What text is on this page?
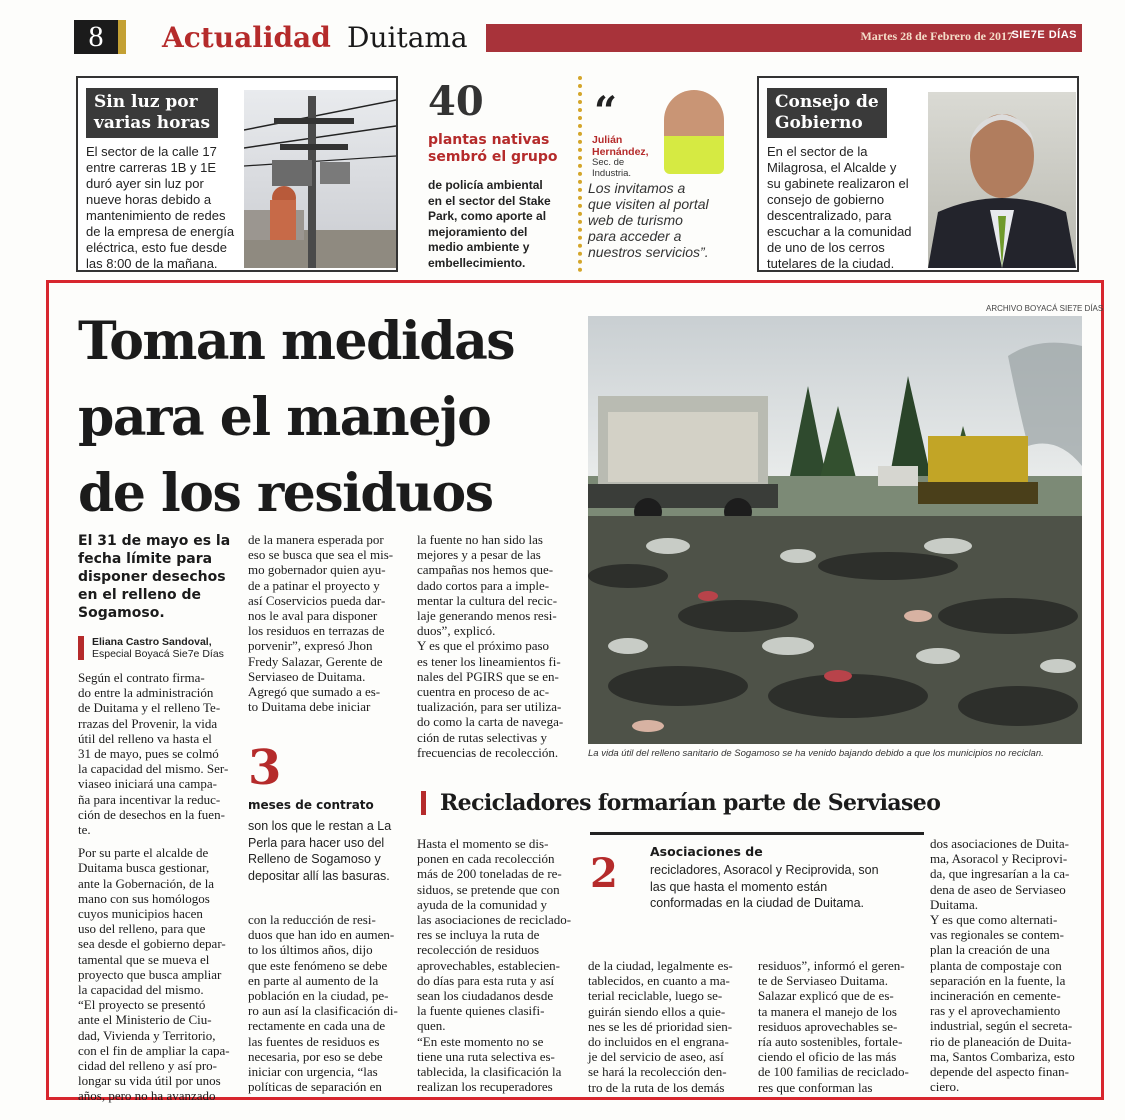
8	Actualidad Duitama	Martes 28 de Febrero de 2017
SIE7E DÍAS
Sin luz por
varias horas
El sector de la calle 17
entre carreras 1B y 1E
duró ayer sin luz por
nueve horas debido a
mantenimiento de redes
de la empresa de energía
eléctrica, esto fue desde
las 8:00 de la mañana.
40
plantas nativas
sembró el grupo
de policía ambiental
en el sector del Stake
Park, como aporte al
mejoramiento del
medio ambiente y
embellecimiento.
“
Julián
Hernández,
Sec. de
Industria.
Los invitamos a
que visiten al portal
web de turismo
para acceder a
nuestros servicios”.
Consejo de
Gobierno
En el sector de la
Milagrosa, el Alcalde y
su gabinete realizaron el
consejo de gobierno
descentralizado, para
escuchar a la comunidad
de uno de los cerros
tutelares de la ciudad.
Toman medidas
para el manejo
de los residuos
El 31 de mayo es la fecha límite para disponer desechos en el relleno de Sogamoso.
Eliana Castro Sandoval,
Especial Boyacá Sie7e Días
Según el contrato firma-
do entre la administración
de Duitama y el relleno Te-
rrazas del Provenir, la vida
útil del relleno va hasta el
31 de mayo, pues se colmó
la capacidad del mismo. Ser-
viaseo iniciará una campa-
ña para incentivar la reduc-
ción de desechos en la fuen-
te.
Por su parte el alcalde de
Duitama busca gestionar,
ante la Gobernación, de la
mano con sus homólogos
cuyos municipios hacen
uso del relleno, para que
sea desde el gobierno depar-
tamental que se mueva el
proyecto que busca ampliar
la capacidad del mismo.
“El proyecto se presentó
ante el Ministerio de Ciu-
dad, Vivienda y Territorio,
con el fin de ampliar la capa-
cidad del relleno y así pro-
longar su vida útil por unos
años, pero no ha avanzado
de la manera esperada por
eso se busca que sea el mis-
mo gobernador quien ayu-
de a patinar el proyecto y
así Coservicios pueda dar-
nos le aval para disponer
los residuos en terrazas de
porvenir”, expresó Jhon
Fredy Salazar, Gerente de
Serviaseo de Duitama.
Agregó que sumado a es-
to Duitama debe iniciar
3
meses de contrato
son los que le restan a La
Perla para hacer uso del
Relleno de Sogamoso y
depositar allí las basuras.
con la reducción de resi-
duos que han ido en aumen-
to los últimos años, dijo
que este fenómeno se debe
en parte al aumento de la
población en la ciudad, pe-
ro aun así la clasificación di-
rectamente en cada una de
las fuentes de residuos es
necesaria, por eso se debe
iniciar con urgencia, “las
políticas de separación en
la fuente no han sido las
mejores y a pesar de las
campañas nos hemos que-
dado cortos para a imple-
mentar la cultura del recic-
laje generando menos resi-
duos”, explicó.
Y es que el próximo paso
es tener los lineamientos fi-
nales del PGIRS que se en-
cuentra en proceso de ac-
tualización, para ser utiliza-
do como la carta de navega-
ción de rutas selectivas y
frecuencias de recolección.
ARCHIVO BOYACÁ SIE7E DÍAS
La vida útil del relleno sanitario de Sogamoso se ha venido bajando debido a que los municipios no reciclan.
Recicladores formarían parte de Serviaseo
2	Asociaciones de
recicladores, Asoracol y Reciprovida, son
las que hasta el momento están
conformadas en la ciudad de Duitama.
Hasta el momento se dis-
ponen en cada recolección
más de 200 toneladas de re-
siduos, se pretende que con
ayuda de la comunidad y
las asociaciones de reciclado-
res se incluya la ruta de
recolección de residuos
aprovechables, establecien-
do días para esta ruta y así
sean los ciudadanos desde
la fuente quienes clasifi-
quen.
“En este momento no se
tiene una ruta selectiva es-
tablecida, la clasificación la
realizan los recuperadores
de la ciudad, legalmente es-
tablecidos, en cuanto a ma-
terial reciclable, luego se-
guirán siendo ellos a quie-
nes se les dé prioridad sien-
do incluidos en el engrana-
je del servicio de aseo, así
se hará la recolección den-
tro de la ruta de los demás
residuos”, informó el geren-
te de Serviaseo Duitama.
Salazar explicó que de es-
ta manera el manejo de los
residuos aprovechables se-
ría auto sostenibles, fortale-
ciendo el oficio de las más
de 100 familias de reciclado-
res que conforman las
dos asociaciones de Duita-
ma, Asoracol y Reciprovi-
da, que ingresarían a la ca-
dena de aseo de Serviaseo
Duitama.
Y es que como alternati-
vas regionales se contem-
plan la creación de una
planta de compostaje con
separación en la fuente, la
incineración en cemente-
ras y el aprovechamiento
industrial, según el secreta-
rio de planeación de Duita-
ma, Santos Combariza, esto
depende del aspecto finan-
ciero.
